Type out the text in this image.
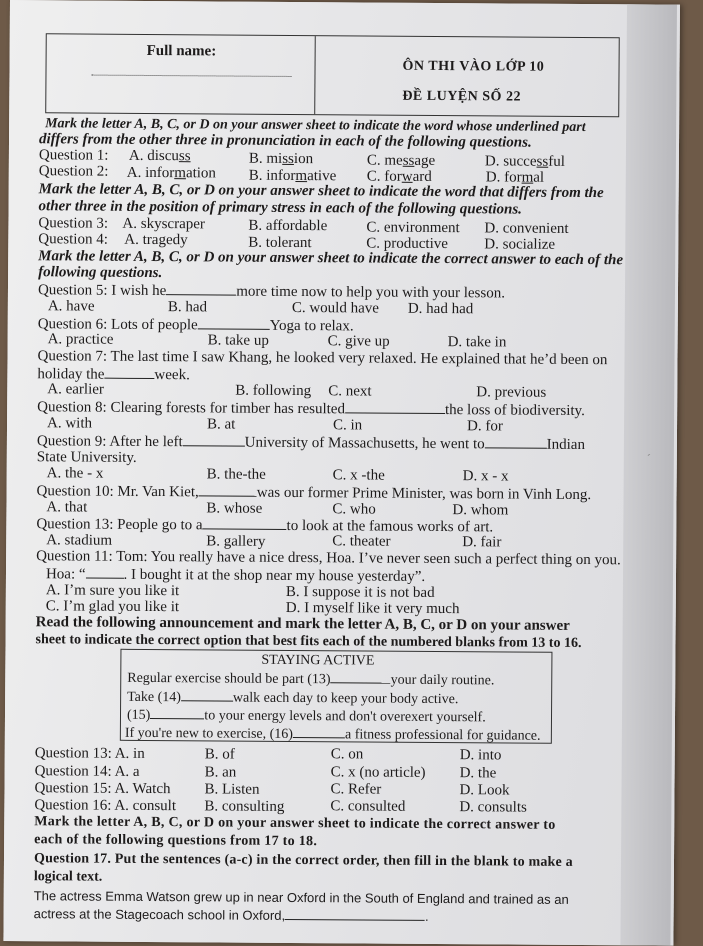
Full name:
ÔN THI VÀO LỚP 10
ĐỀ LUYỆN SỐ 22
Mark the letter A, B, C, or D on your answer sheet to indicate the word whose underlined part
differs from the other three in pronunciation in each of the following questions.
Question 1: A. discuss	B. mission	C. message	D. successful
Question 2: A. information B. informative C. forward	D. formal
Mark the letter A, B, C, or D on your answer sheet to indicate the word that differs from the
other three in the position of primary stress in each of the following questions.
Question 3: A. skyscraper	B. affordable	C. environment D. convenient
Question 4: A. tragedy	B. tolerant	C. productive D. socialize
Mark the letter A, B, C, or D on your answer sheet to indicate the correct answer to each of the
following questions.
Question 5: I wish he	more time now to help you with your lesson.
A. have	B. had	C. would have D. had had
Question 6: Lots of people	Yoga to relax.
A. practice	B. take up	C. give up	D. take in
Question 7: The last time I saw Khang, he looked very relaxed. He explained that he’d been on
holiday the	week.
A. earlier	B. following C. next	D. previous
Question 8: Clearing forests for timber has resulted	the loss of biodiversity.
A. with	B. at	C. in	D. for
Question 9: After he left	University of Massachusetts, he went to	Indian
ˊ
State University.
A. the - x	B. the-the	C. x -the	D. x - x
Question 10: Mr. Van Kiet,	was our former Prime Minister, was born in Vinh Long.
A. that	B. whose	C. who	D. whom
Question 13: People go to a	to look at the famous works of art.
A. stadium	B. gallery	C. theater	D. fair
Question 11: Tom: You really have a nice dress, Hoa. I’ve never seen such a perfect thing on you.
Hoa: “	. I bought it at the shop near my house yesterday”.
A. I’m sure you like it	B. I suppose it is not bad
C. I’m glad you like it	D. I myself like it very much
Read the following announcement and mark the letter A, B, C, or D on your answer
sheet to indicate the correct option that best fits each of the numbered blanks from 13 to 16.
STAYING ACTIVE
Regular exercise should be part (13)	your daily routine.
Take (14)	walk each day to keep your body active.
(15)	to your energy levels and don't overexert yourself.
If you're new to exercise, (16)	a fitness professional for guidance.
Question 13: A. in	B. of	C. on	D. into
Question 14: A. a	B. an	C. x (no article) D. the
Question 15: A. Watch B. Listen	C. Refer	D. Look
Question 16: A. consult B. consulting	C. consulted	D. consults
Mark the letter A, B, C, or D on your answer sheet to indicate the correct answer to
each of the following questions from 17 to 18.
Question 17. Put the sentences (a-c) in the correct order, then fill in the blank to make a
logical text.
The actress Emma Watson grew up in near Oxford in the South of England and trained as an
actress at the Stagecoach school in Oxford,	.
